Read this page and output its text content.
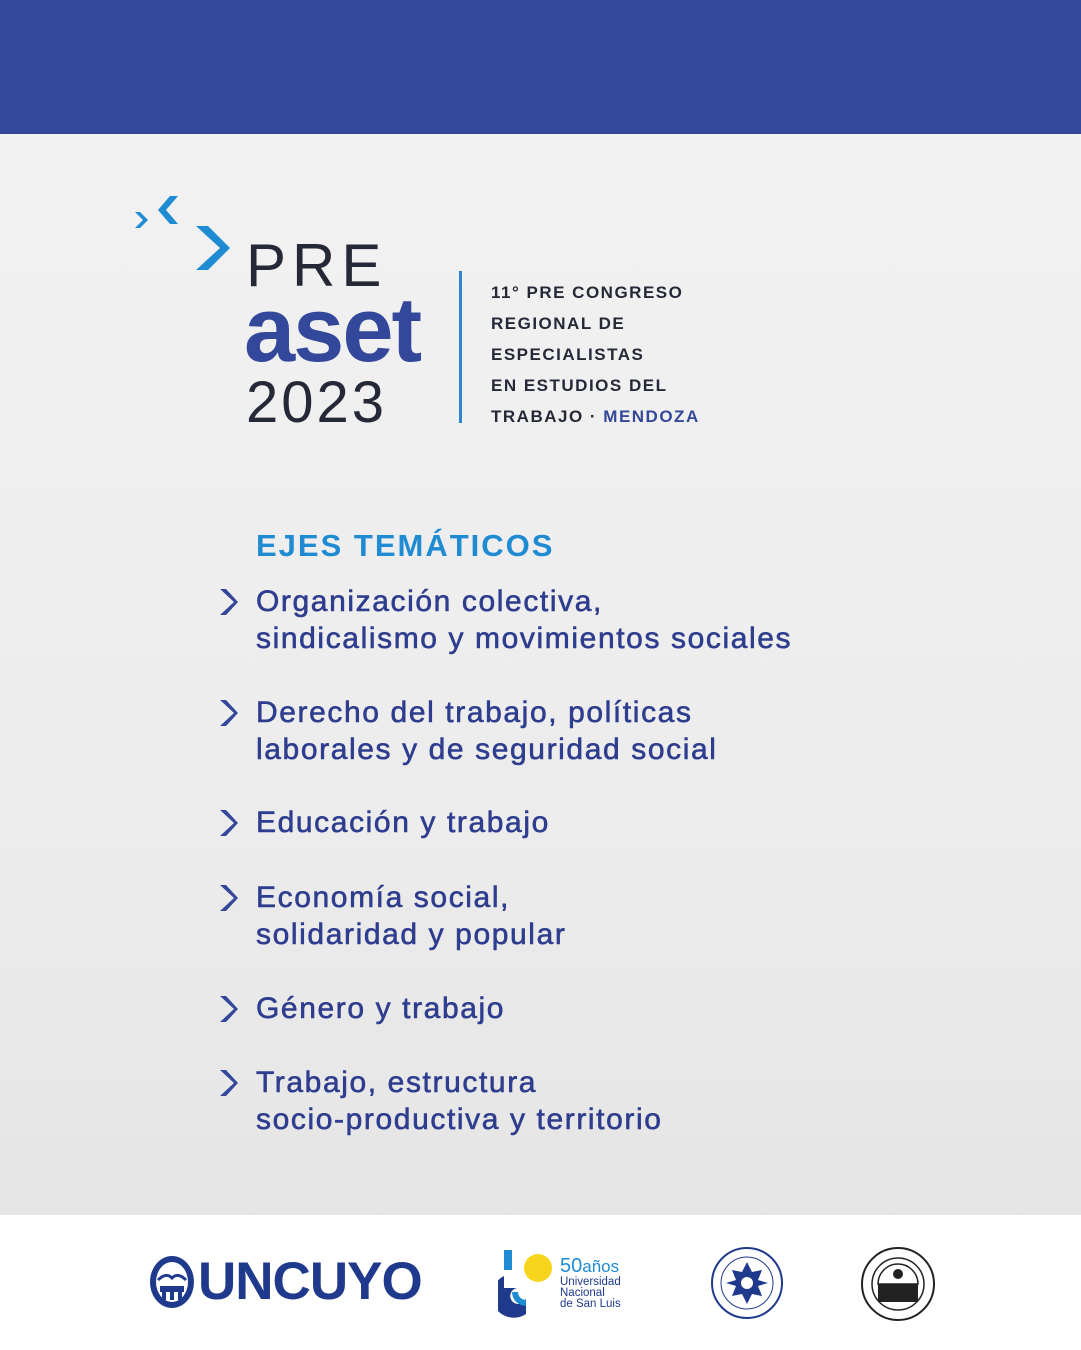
PRE
aset
2023
11° PRE CONGRESO
REGIONAL DE
ESPECIALISTAS
EN ESTUDIOS DEL
TRABAJO · MENDOZA
EJES TEMÁTICOS
Organización colectiva,
sindicalismo y movimientos sociales
Derecho del trabajo, políticas
laborales y de seguridad social
Educación y trabajo
Economía social,
solidaridad y popular
Género y trabajo
Trabajo, estructura
socio-productiva y territorio
UNCUYO	50años
Universidad
Nacional
de San Luis
